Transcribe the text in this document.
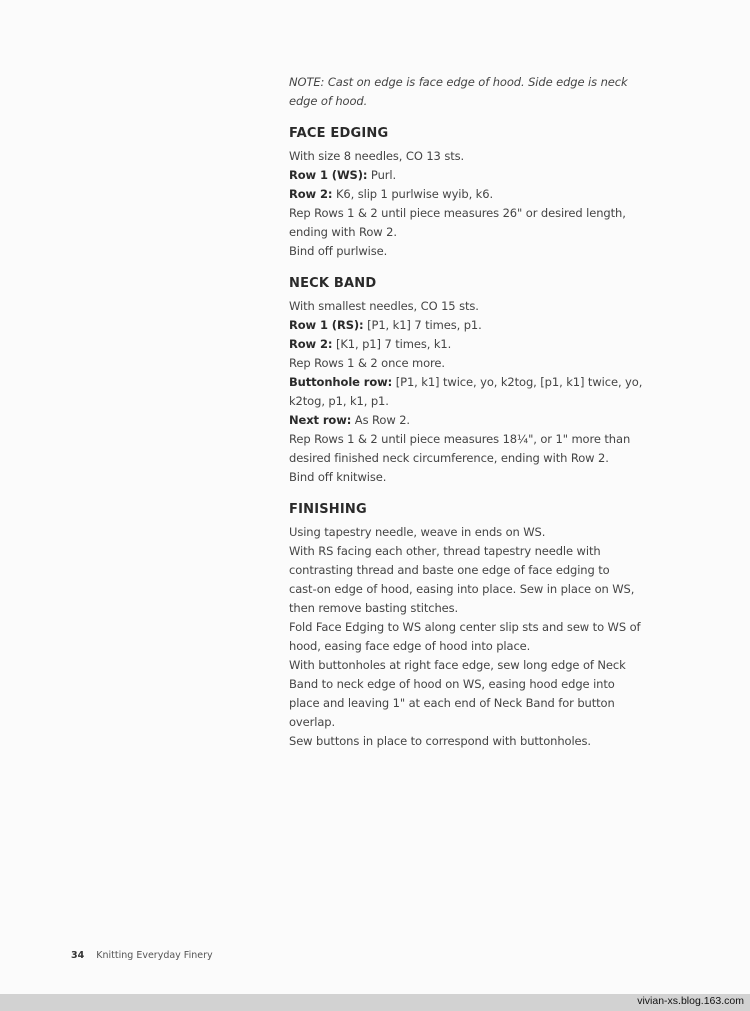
NOTE: Cast on edge is face edge of hood. Side edge is neck
edge of hood.
FACE EDGING
With size 8 needles, CO 13 sts.
Row 1 (WS): Purl.
Row 2: K6, slip 1 purlwise wyib, k6.
Rep Rows 1 & 2 until piece measures 26" or desired length,
ending with Row 2.
Bind off purlwise.
NECK BAND
With smallest needles, CO 15 sts.
Row 1 (RS): [P1, k1] 7 times, p1.
Row 2: [K1, p1] 7 times, k1.
Rep Rows 1 & 2 once more.
Buttonhole row: [P1, k1] twice, yo, k2tog, [p1, k1] twice, yo,
k2tog, p1, k1, p1.
Next row: As Row 2.
Rep Rows 1 & 2 until piece measures 18¼", or 1" more than
desired finished neck circumference, ending with Row 2.
Bind off knitwise.
FINISHING
Using tapestry needle, weave in ends on WS.
With RS facing each other, thread tapestry needle with
contrasting thread and baste one edge of face edging to
cast-on edge of hood, easing into place. Sew in place on WS,
then remove basting stitches.
Fold Face Edging to WS along center slip sts and sew to WS of
hood, easing face edge of hood into place.
With buttonholes at right face edge, sew long edge of Neck
Band to neck edge of hood on WS, easing hood edge into
place and leaving 1" at each end of Neck Band for button
overlap.
Sew buttons in place to correspond with buttonholes.
34 Knitting Everyday Finery
vivian-xs.blog.163.com
